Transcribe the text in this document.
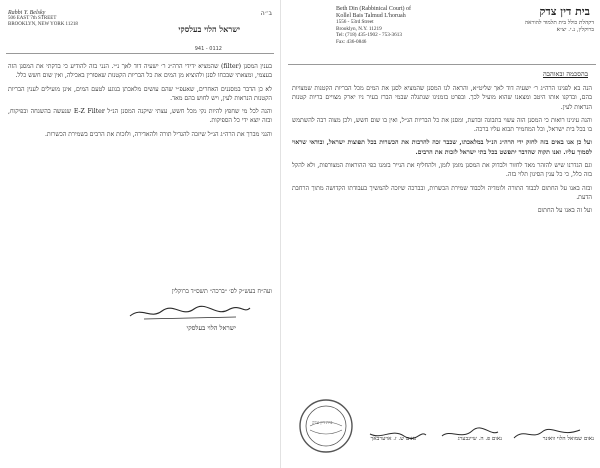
Rabbi Y. Belsky
506 EAST 7th STREET
BROOKLYN, NEW YORK 11218
ב״ה
ישראל הלוי בעלסקי
941 - 0112

בענין המסנן (filter) שהמציא ידידי הרה״ג ר׳ ישעיה דוד לאך נ״י. הנני בזה להודיע כי בדקתי את המסנן הזה בעצמי, ומצאתי שבכחו לסנן ולהוציא מן המים את כל הבריות הקטנות שאסורין באכילה, ואין שום חשש כלל.

לא כן הדבר במסננים האחרים, שאעפ״י שהם עושים מלאכתן בנוגע לטעם המים, אינן מועילים לענין הבריות הקטנות הנראות לעין, ויש לחוש בהם מאד.

והנה לכל מי שחפץ להיות נקי מכל חשש, עצתי שיקנה המסנן הנ״ל E-Z Filter שנעשה בהשגחה ובפיקוח, ובזה יוצא ידי כל הספיקות.

והנני מברך את הרה״ג הנ״ל שיזכה להגדיל תורה ולהאדירה, ולזכות את הרבים בשמירת הכשרות.

ועה״ח בעש״ק לס׳ ״ברכה״ תשס״ד ברוקלין
ישראל הלוי בעלסקי
Beth Din (Rabbinical Court) of
Kollel Bais Talmud L'horuah
1556 - 53rd Street
Brooklyn, N.Y. 11219
Tel: (718) 435-1902 - 753-3613
Fax: 436-0846
בית דין צדק
דקהלת כולל בית תלמוד להוראה
ברוקלין, נ.י. יצ״א
בהסכמה ובאוהבה

הנה בא לפנינו הרה״ג ר׳ ישעיה דוד לאך שליט״א, והראה לנו המסנן שהמציא לסנן את המים מכל הבריות הקטנות שמצויות בהם, ובדקנו אותו היטב ומצאנו שהוא מועיל לכך. ובפרט בזמנינו שנתגלה שבמי הברז בעיר ניו יארק מצויים בריות קטנות הנראות לעין.

והנה עינינו רואות כי המסנן הזה עשוי בתבונה ובדעת, ומסנן את כל הבריות הנ״ל, ואין בו שום חשש, ולכן מצוה רבה להשתמש בו בכל בית ישראל, וכל המחמיר תבוא עליו ברכה.

ועל כן אנו באים בזה לחזק ידי הרה״ג הנ״ל במלאכתו, שכבר זכה להרבות את הכשרות בכל תפוצות ישראל, ובודאי שראוי לסמוך עליו. ואנו תקוה שהדבר יתפשט בכל בתי ישראל לזכות את הרבים.

וגם הגדרנו שיש להזהר מאד לחזור ולבדוק את המסנן מזמן לזמן, ולהחליף את הנייר בזמנו כפי ההוראות המצורפות, ולא להקל בזה כלל, כי כל ענין הסינון תלוי בזה.

ובזה באנו על החתום לכבוד התורה ולומדיה ולכבוד שמירת הכשרות, ובברכה שיזכה להמשיך בעבודתו הקדושה מתוך הרחבת הדעת.

ועל זה באנו על החתום

נאום שמואל הלוי וואזנר
נאום פ. ה. שיינבערג
נאום ש. ז. אויערבאך
בית דין צדק
